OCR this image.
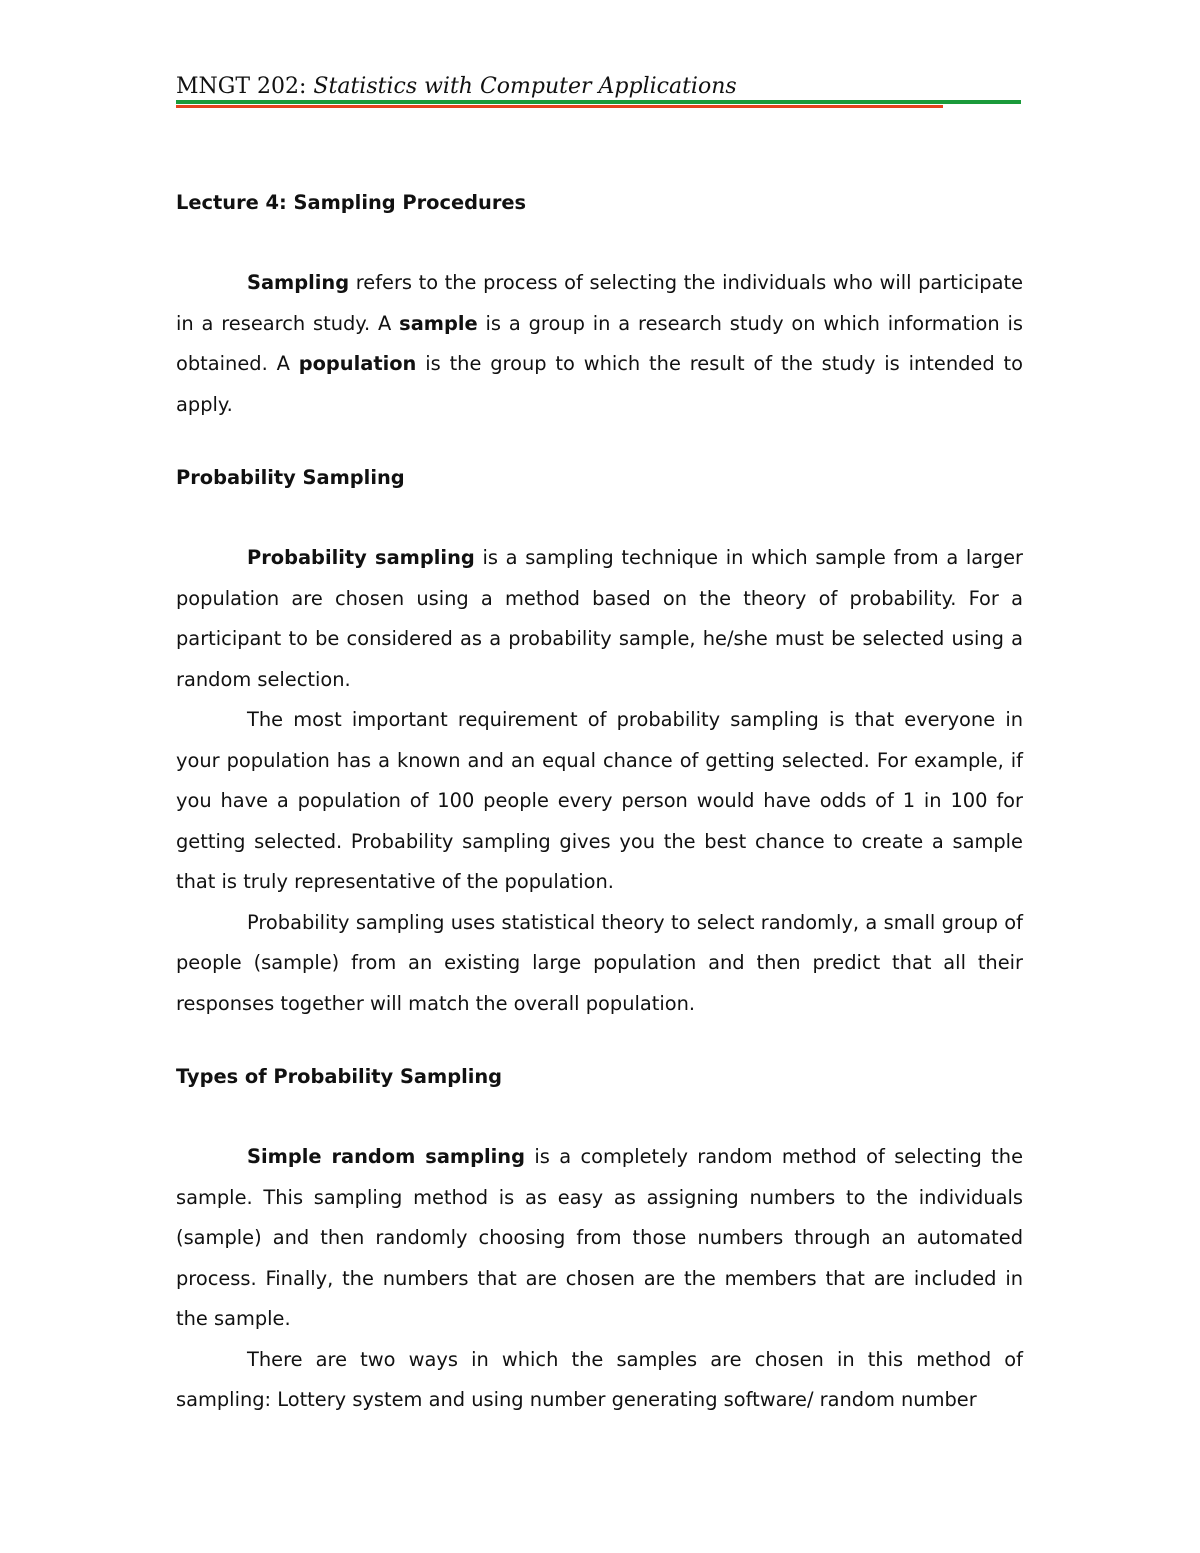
MNGT 202: Statistics with Computer Applications
Lecture 4: Sampling Procedures

Sampling refers to the process of selecting the individuals who will participate in a research study. A sample is a group in a research study on which information is obtained. A population is the group to which the result of the study is intended to apply.

Probability Sampling

Probability sampling is a sampling technique in which sample from a larger population are chosen using a method based on the theory of probability. For a participant to be considered as a probability sample, he/she must be selected using a random selection.

The most important requirement of probability sampling is that everyone in your population has a known and an equal chance of getting selected. For example, if you have a population of 100 people every person would have odds of 1 in 100 for getting selected. Probability sampling gives you the best chance to create a sample that is truly representative of the population.

Probability sampling uses statistical theory to select randomly, a small group of people (sample) from an existing large population and then predict that all their responses together will match the overall population.

Types of Probability Sampling

Simple random sampling is a completely random method of selecting the sample. This sampling method is as easy as assigning numbers to the individuals (sample) and then randomly choosing from those numbers through an automated process. Finally, the numbers that are chosen are the members that are included in the sample.

There are two ways in which the samples are chosen in this method of sampling: Lottery system and using number generating software/ random number
